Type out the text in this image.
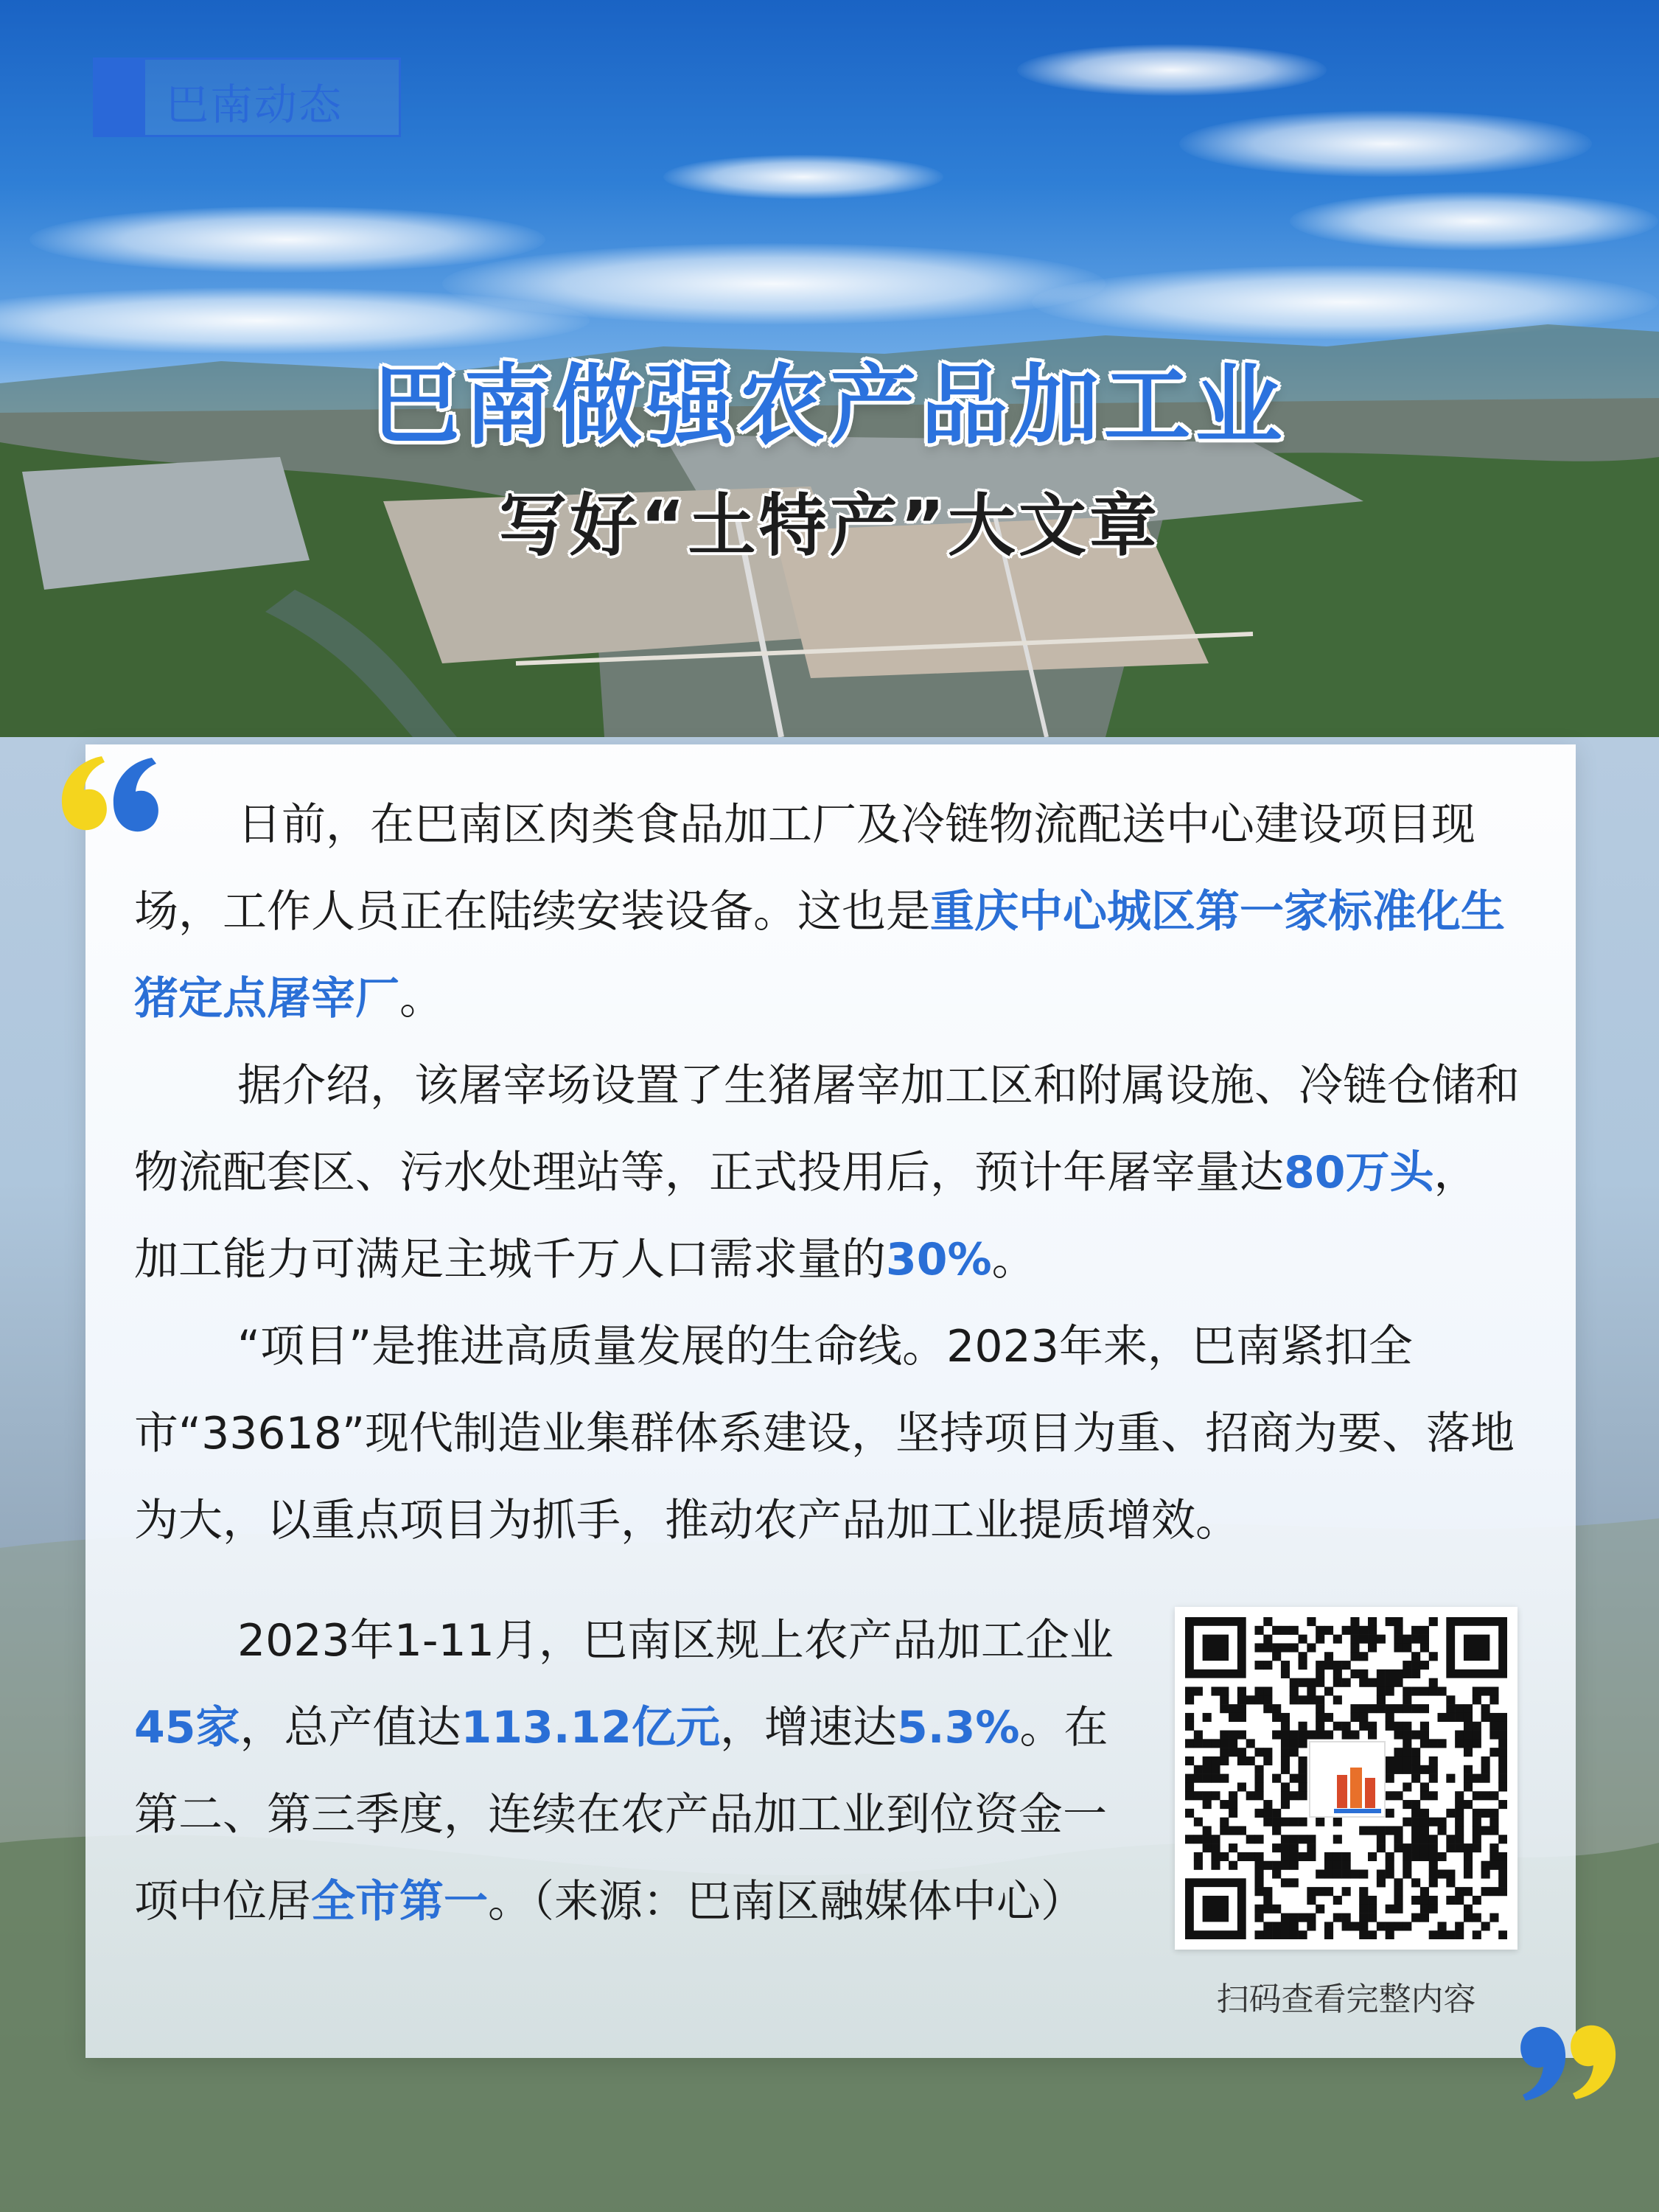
巴南动态
巴南做强农产品加工业
写好“土特产”大文章

日前，在巴南区肉类食品加工厂及冷链物流配送中心建设项目现场，工作人员正在陆续安装设备。这也是重庆中心城区第一家标准化生猪定点屠宰厂。

据介绍，该屠宰场设置了生猪屠宰加工区和附属设施、冷链仓储和物流配套区、污水处理站等，正式投用后，预计年屠宰量达80万头，加工能力可满足主城千万人口需求量的30%。

“项目”是推进高质量发展的生命线。2023年来，巴南紧扣全市“33618”现代制造业集群体系建设，坚持项目为重、招商为要、落地为大，以重点项目为抓手，推动农产品加工业提质增效。

2023年1-11月，巴南区规上农产品加工企业45家，总产值达113.12亿元，增速达5.3%。在第二、第三季度，连续在农产品加工业到位资金一项中位居全市第一。（来源：巴南区融媒体中心）

扫码查看完整内容
